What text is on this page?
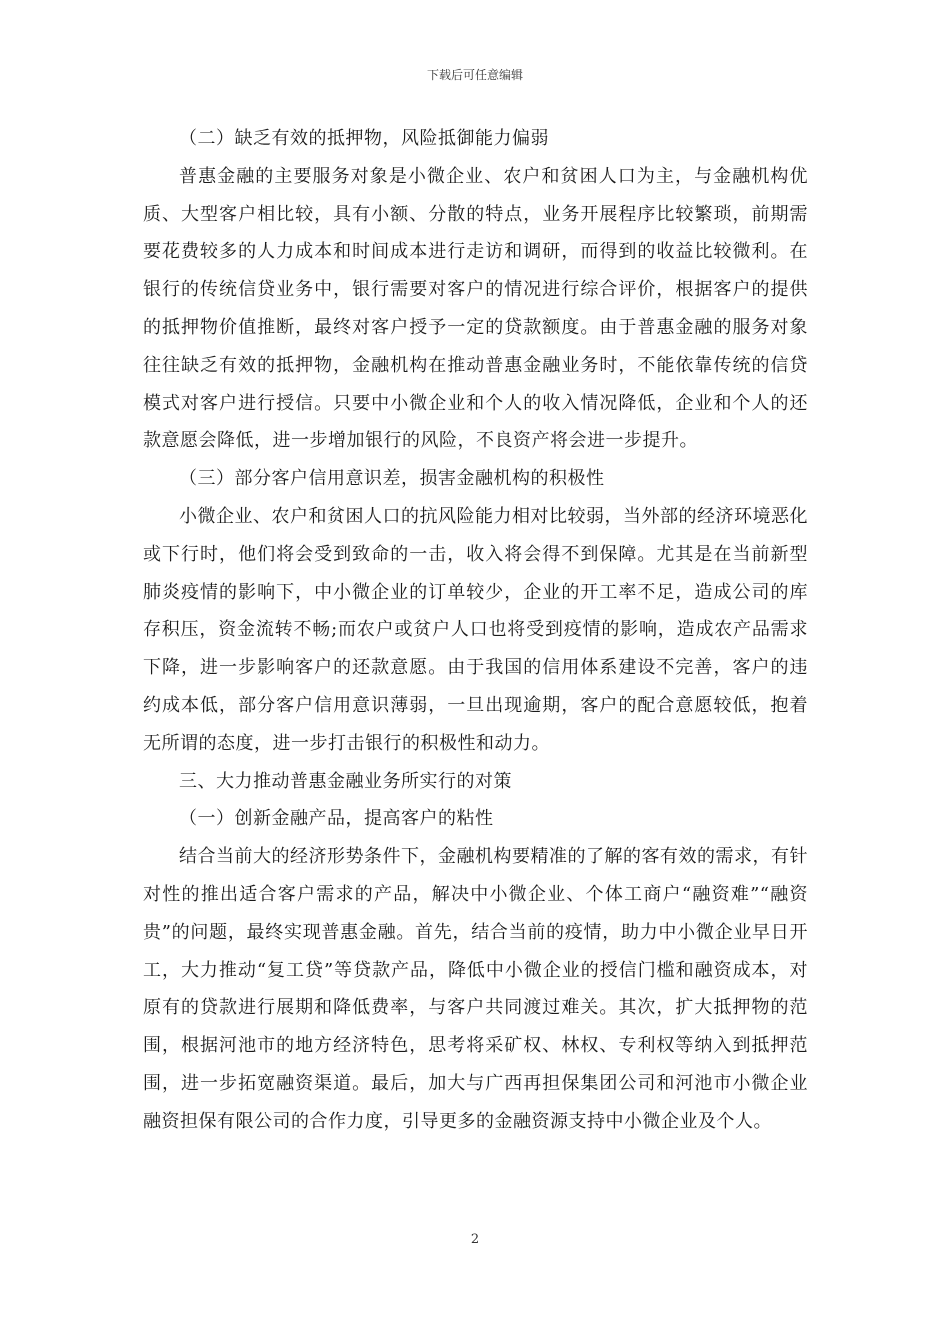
下载后可任意编辑

（二）缺乏有效的抵押物，风险抵御能力偏弱

普惠金融的主要服务对象是小微企业、农户和贫困人口为主，与金融机构优质、大型客户相比较，具有小额、分散的特点，业务开展程序比较繁琐，前期需要花费较多的人力成本和时间成本进行走访和调研，而得到的收益比较微利。在银行的传统信贷业务中，银行需要对客户的情况进行综合评价，根据客户的提供的抵押物价值推断，最终对客户授予一定的贷款额度。由于普惠金融的服务对象往往缺乏有效的抵押物，金融机构在推动普惠金融业务时，不能依靠传统的信贷模式对客户进行授信。只要中小微企业和个人的收入情况降低，企业和个人的还款意愿会降低，进一步增加银行的风险，不良资产将会进一步提升。

（三）部分客户信用意识差，损害金融机构的积极性

小微企业、农户和贫困人口的抗风险能力相对比较弱，当外部的经济环境恶化或下行时，他们将会受到致命的一击，收入将会得不到保障。尤其是在当前新型肺炎疫情的影响下，中小微企业的订单较少，企业的开工率不足，造成公司的库存积压，资金流转不畅;而农户或贫户人口也将受到疫情的影响，造成农产品需求下降，进一步影响客户的还款意愿。由于我国的信用体系建设不完善，客户的违约成本低，部分客户信用意识薄弱，一旦出现逾期，客户的配合意愿较低，抱着无所谓的态度，进一步打击银行的积极性和动力。

三、大力推动普惠金融业务所实行的对策

（一）创新金融产品，提高客户的粘性

结合当前大的经济形势条件下，金融机构要精准的了解的客有效的需求，有针对性的推出适合客户需求的产品，解决中小微企业、个体工商户“融资难”“融资贵”的问题，最终实现普惠金融。首先，结合当前的疫情，助力中小微企业早日开工，大力推动“复工贷”等贷款产品，降低中小微企业的授信门槛和融资成本，对原有的贷款进行展期和降低费率，与客户共同渡过难关。其次，扩大抵押物的范围，根据河池市的地方经济特色，思考将采矿权、林权、专利权等纳入到抵押范围，进一步拓宽融资渠道。最后，加大与广西再担保集团公司和河池市小微企业融资担保有限公司的合作力度，引导更多的金融资源支持中小微企业及个人。

2
